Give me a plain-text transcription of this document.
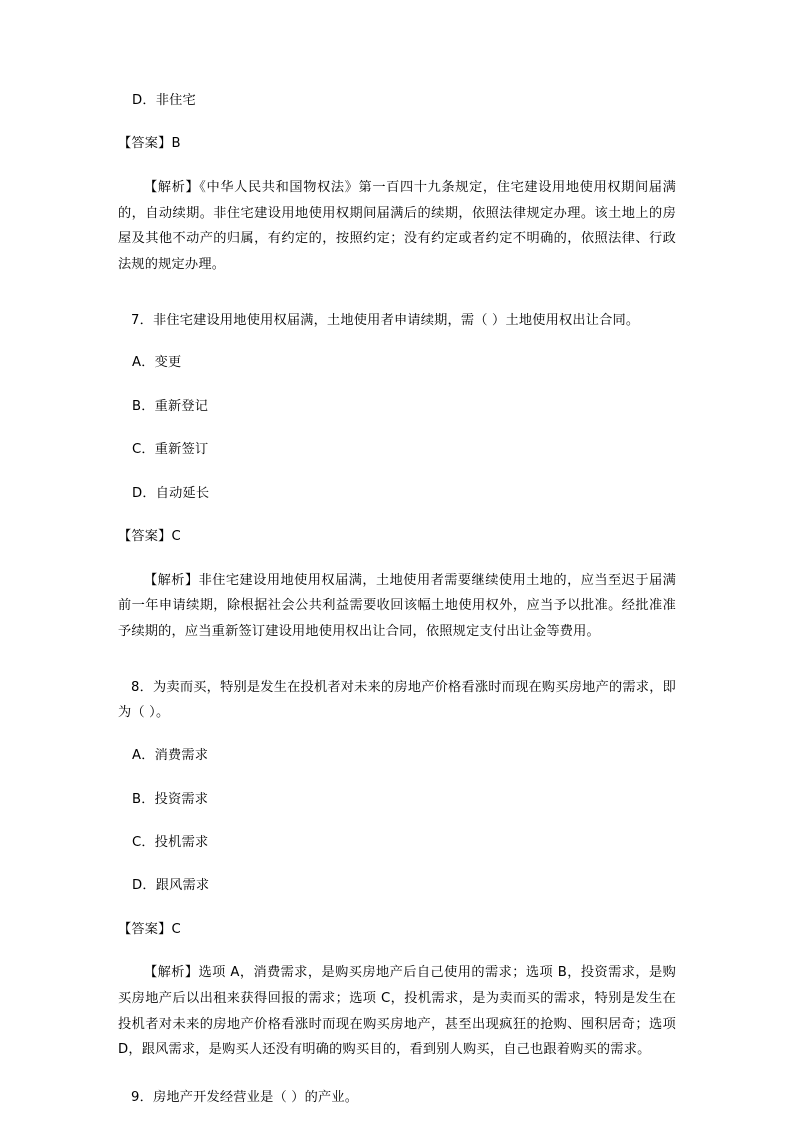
D．非住宅

【答案】B

【解析】《中华人民共和国物权法》第一百四十九条规定，住宅建设用地使用权期间届满的，自动续期。非住宅建设用地使用权期间届满后的续期，依照法律规定办理。该土地上的房屋及其他不动产的归属，有约定的，按照约定；没有约定或者约定不明确的，依照法律、行政法规的规定办理。

7．非住宅建设用地使用权届满，土地使用者申请续期，需（ ）土地使用权出让合同。

A．变更

B．重新登记

C．重新签订

D．自动延长

【答案】C

【解析】非住宅建设用地使用权届满，土地使用者需要继续使用土地的，应当至迟于届满前一年申请续期，除根据社会公共利益需要收回该幅土地使用权外，应当予以批准。经批准准予续期的，应当重新签订建设用地使用权出让合同，依照规定支付出让金等费用。

8．为卖而买，特别是发生在投机者对未来的房地产价格看涨时而现在购买房地产的需求，即为（ ）。

A．消费需求

B．投资需求

C．投机需求

D．跟风需求

【答案】C

【解析】选项 A，消费需求，是购买房地产后自己使用的需求；选项 B，投资需求，是购买房地产后以出租来获得回报的需求；选项 C，投机需求，是为卖而买的需求，特别是发生在投机者对未来的房地产价格看涨时而现在购买房地产，甚至出现疯狂的抢购、囤积居奇；选项 D，跟风需求，是购买人还没有明确的购买目的，看到别人购买，自己也跟着购买的需求。

9．房地产开发经营业是（ ）的产业。
